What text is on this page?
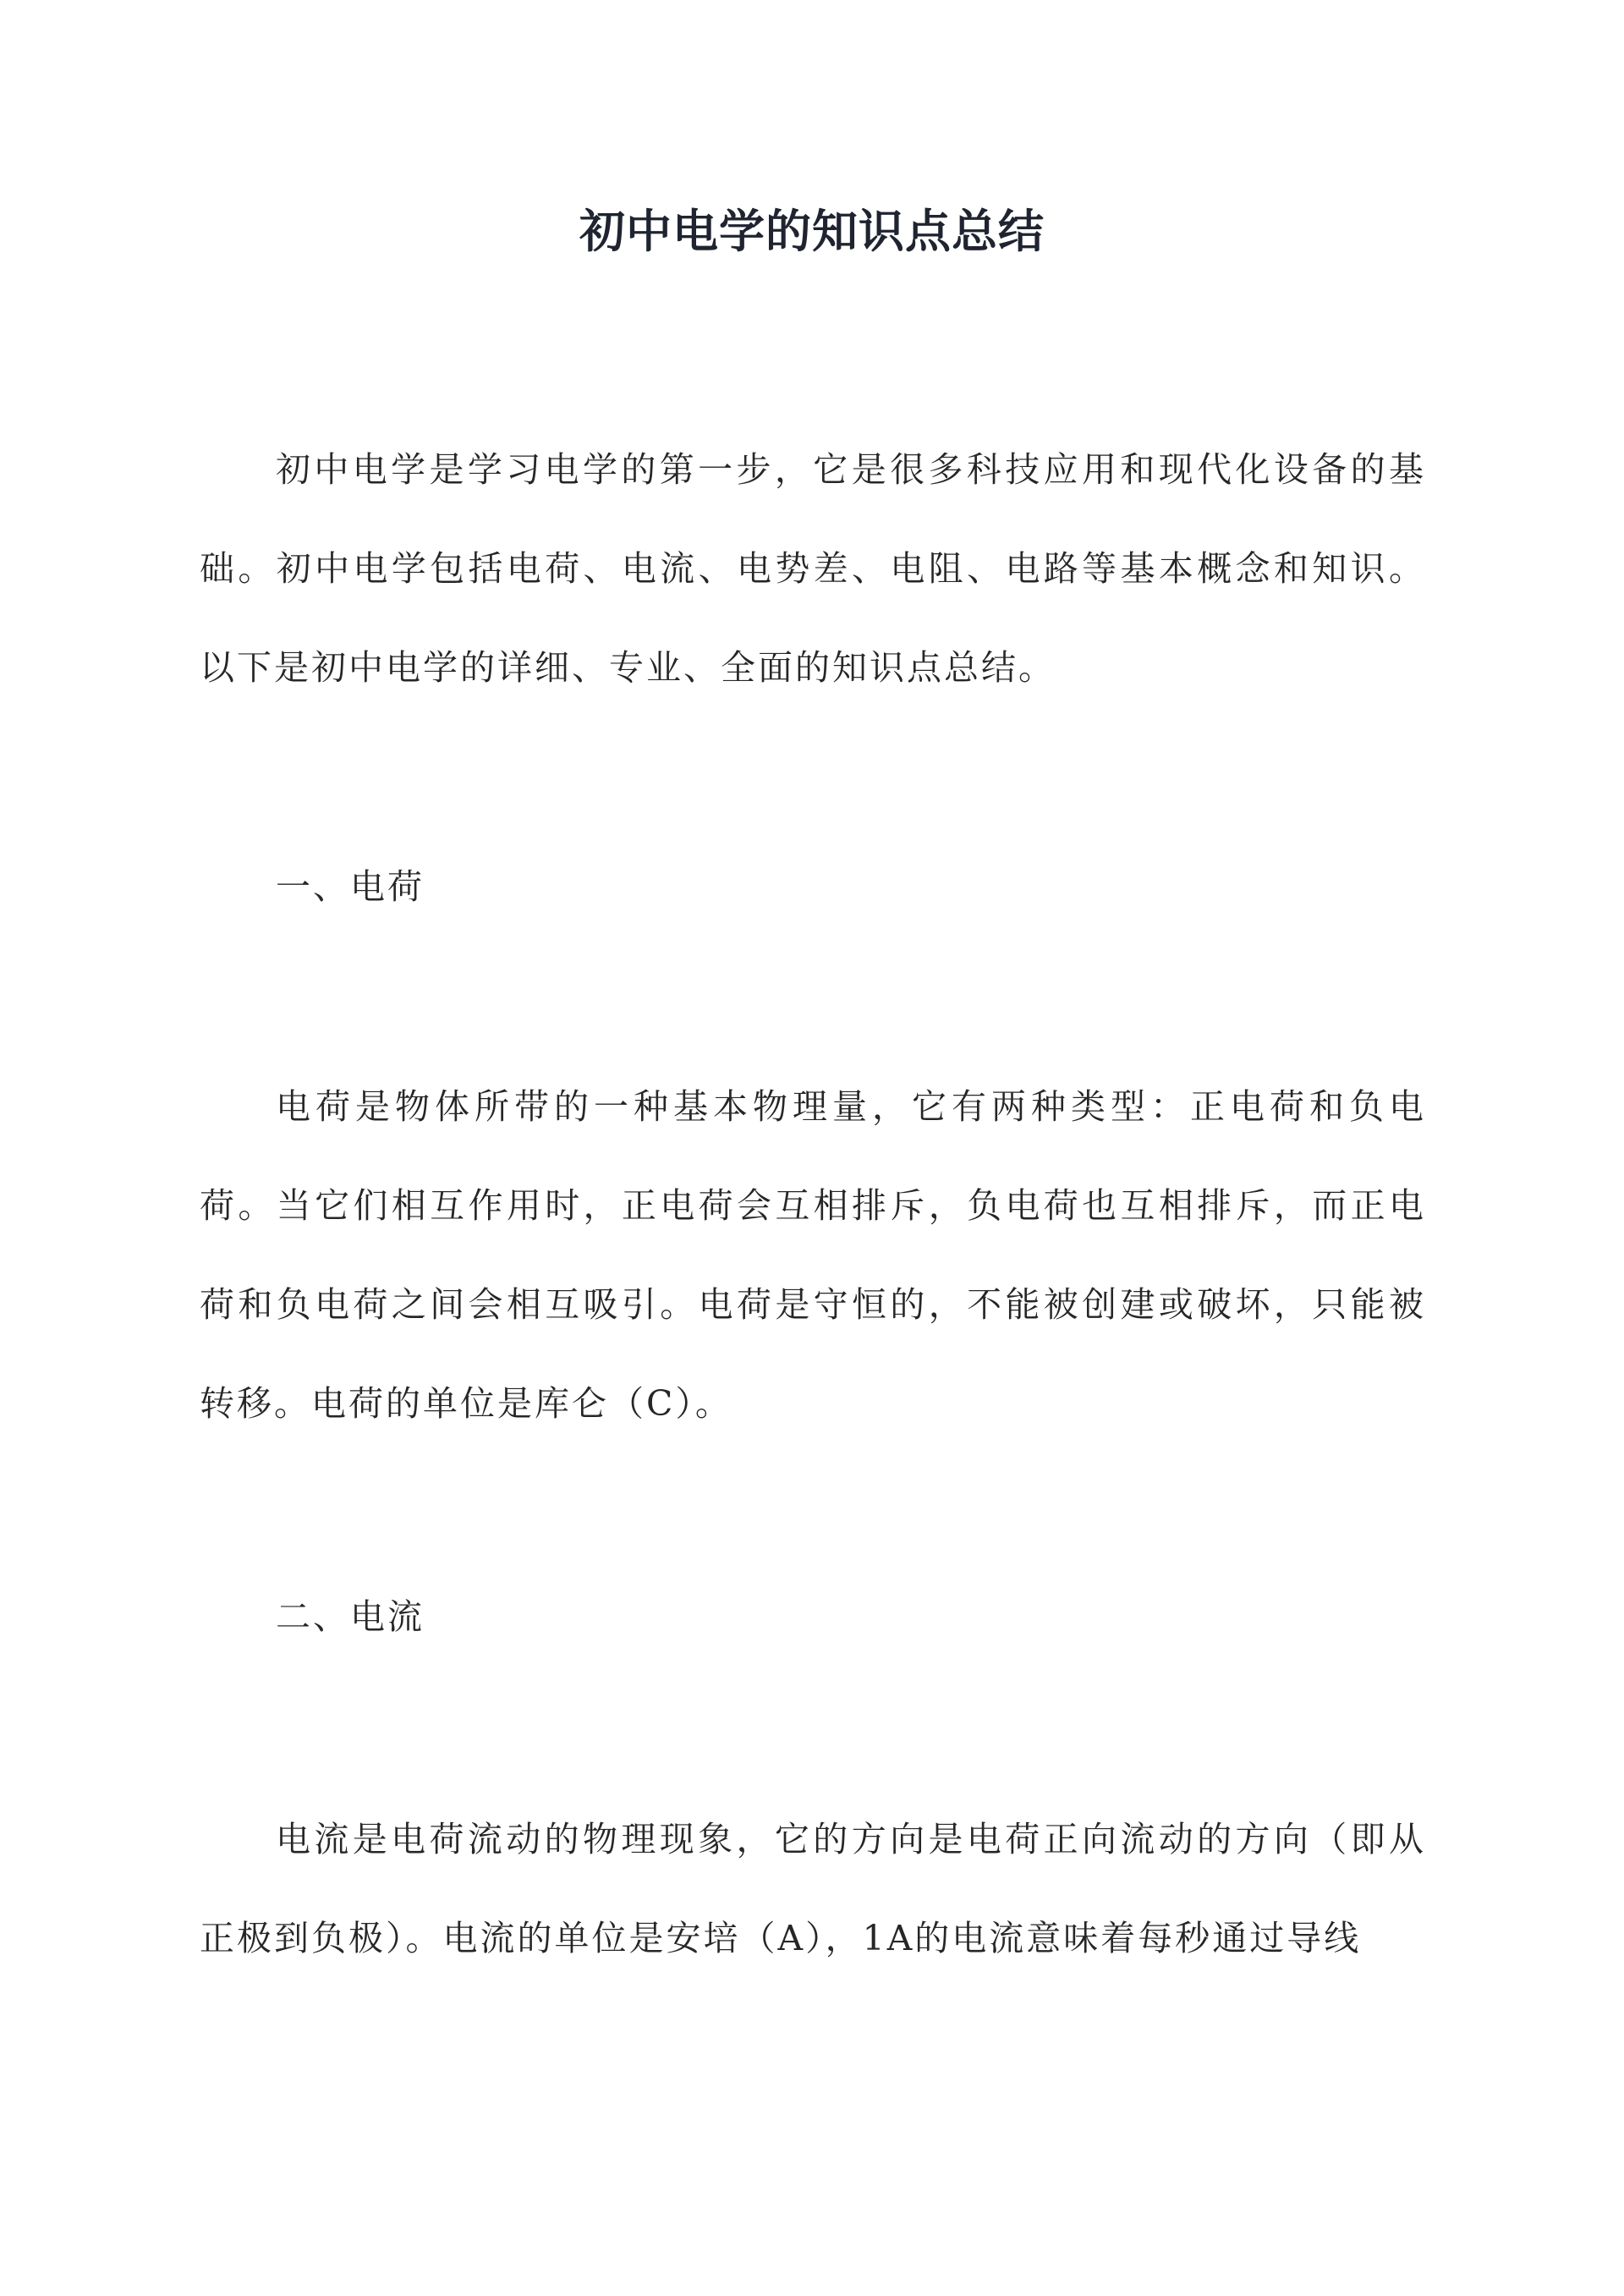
初中电学的知识点总结

初中电学是学习电学的第一步，它是很多科技应用和现代化设备的基础。初中电学包括电荷、电流、电势差、电阻、电路等基本概念和知识。以下是初中电学的详细、专业、全面的知识点总结。

一、电荷

电荷是物体所带的一种基本物理量，它有两种类型：正电荷和负电荷。当它们相互作用时，正电荷会互相排斥，负电荷也互相排斥，而正电荷和负电荷之间会相互吸引。电荷是守恒的，不能被创建或破坏，只能被转移。电荷的单位是库仑（C）。

二、电流

电流是电荷流动的物理现象，它的方向是电荷正向流动的方向（即从正极到负极）。电流的单位是安培（A），1A的电流意味着每秒通过导线
